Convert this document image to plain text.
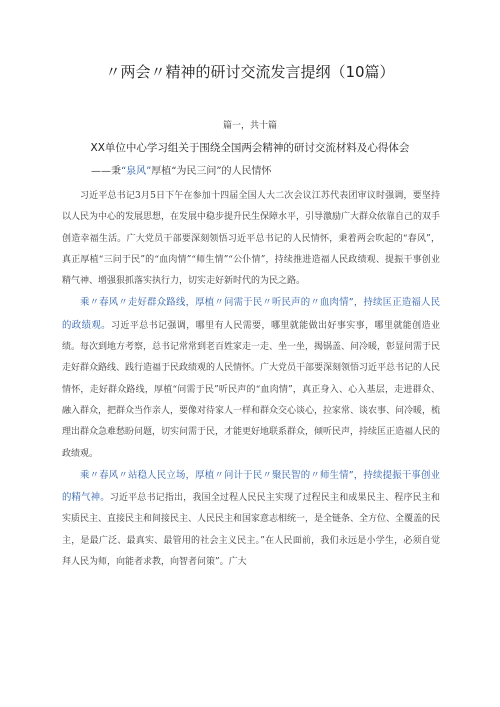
〃两会〃精神的研讨交流发言提纲（10篇）
篇一，共十篇
XX单位中心学习组关于围绕全国两会精神的研讨交流材料及心得体会
——秉“泉风”厚植“为民三问”的人民情怀

习近平总书记3月5日下午在参加十四届全国人大二次会议江苏代表团审议时强调，要坚持以人民为中心的发展思想，在发展中稳步提升民生保障水平，引导激励广大群众依靠自己的双手创造幸福生活。广大党员干部要深刻领悟习近平总书记的人民情怀，秉着两会吹起的“春风”，真正厚植“三问于民”的“血肉情”“师生情”“公仆情”，持续推进造福人民政绩观、提振干事创业精气神、增强狠抓落实执行力，切实走好新时代的为民之路。

乘〃春风〃走好群众路线，厚植〃问需于民〃听民声的〃血肉情”，持续匡正造福人民的政绩观。习近平总书记强调，哪里有人民需要，哪里就能做出好事实事，哪里就能创造业绩。每次到地方考察，总书记常常到老百姓家走一走、坐一坐，揭锅盖、问冷暖，彰显问需于民走好群众路线、践行造福于民政绩观的人民情怀。广大党员干部要深刻领悟习近平总书记的人民情怀，走好群众路线，厚植“问需于民”听民声的“血肉情”，真正身入、心入基层，走进群众、融入群众，把群众当作亲人，要像对待家人一样和群众交心谈心，拉家常、谈农事、问冷暖，梳理出群众急难愁盼问题，切实问需于民，才能更好地联系群众，倾听民声，持续匡正造福人民的政绩观。

乘〃春风〃站稳人民立场，厚植〃问计于民〃聚民智的〃师生情”，持续提振干事创业的精气神。习近平总书记指出，我国全过程人民民主实现了过程民主和成果民主、程序民主和实质民主、直接民主和间接民主、人民民主和国家意志相统一，是全链条、全方位、全覆盖的民主，是最广泛、最真实、最管用的社会主义民主。”在人民面前，我们永远是小学生，必须自觉拜人民为师，向能者求教，向智者问策”。广大
